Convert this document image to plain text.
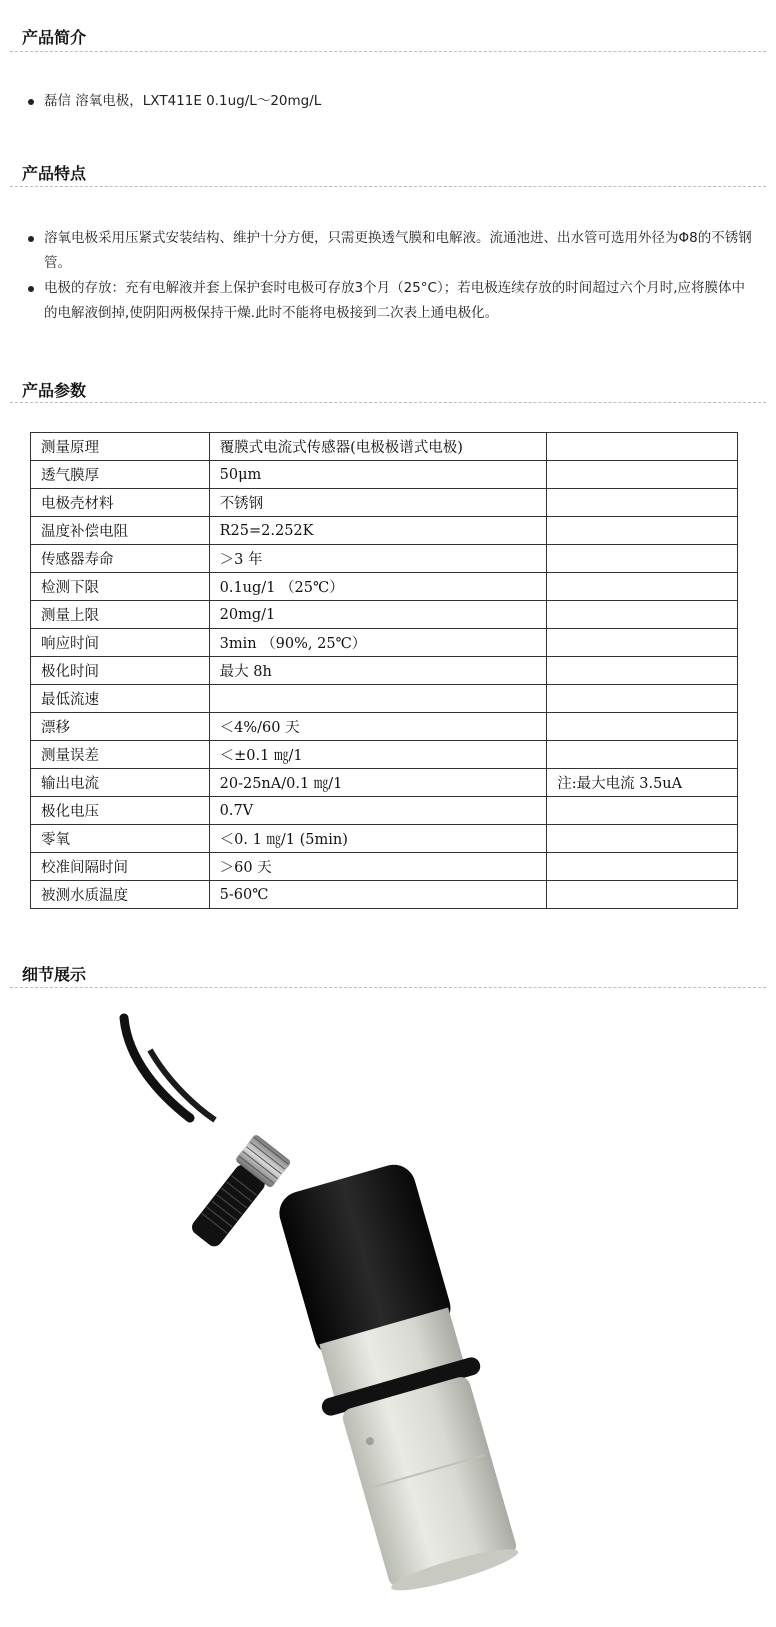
产品简介
磊信 溶氧电极，LXT411E 0.1ug/L～20mg/L
产品特点
溶氧电极采用压紧式安装结构、维护十分方便，只需更换透气膜和电解液。流通池进、出水管可选用外径为Φ8的不锈钢管。
电极的存放：充有电解液并套上保护套时电极可存放3个月（25°C）；若电极连续存放的时间超过六个月时,应将膜体中的电解液倒掉,使阴阳两极保持干燥.此时不能将电极接到二次表上通电极化。
产品参数
测量原理	覆膜式电流式传感器(电极极谱式电极)	
透气膜厚	50μm	
电极壳材料	不锈钢	
温度补偿电阻	R25=2.252K	
传感器寿命	＞3 年	
检测下限	0.1ug/1 （25℃）	
测量上限	20mg/1	
响应时间	3min （90%, 25℃）	
极化时间	最大 8h	
最低流速		
漂移	＜4%/60 天	
测量误差	＜±0.1 ㎎/1	
输出电流	20-25nA/0.1 ㎎/1	注:最大电流 3.5uA
极化电压	0.7V	
零氧	＜0. 1 ㎎/1 (5min)	
校准间隔时间	＞60 天	
被测水质温度	5-60℃	
细节展示
